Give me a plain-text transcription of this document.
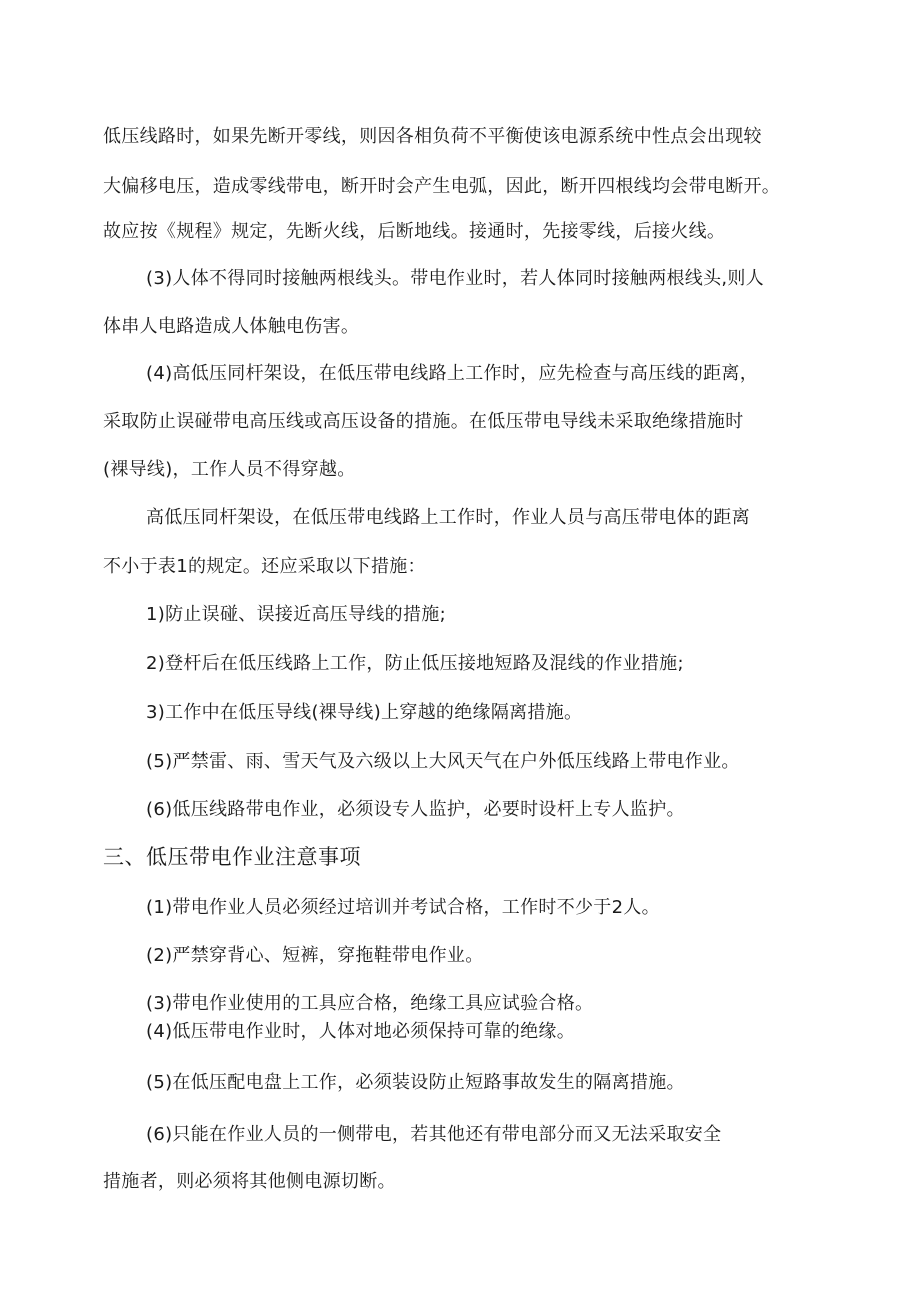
低压线路时，如果先断开零线，则因各相负荷不平衡使该电源系统中性点会出现较
大偏移电压，造成零线带电，断开时会产生电弧，因此，断开四根线均会带电断开。
故应按《规程》规定，先断火线，后断地线。接通时，先接零线，后接火线。
(3)人体不得同时接触两根线头。带电作业时，若人体同时接触两根线头,则人
体串人电路造成人体触电伤害。
(4)高低压同杆架设，在低压带电线路上工作时，应先检查与高压线的距离，
采取防止误碰带电高压线或高压设备的措施。在低压带电导线未采取绝缘措施时
(裸导线)，工作人员不得穿越。
高低压同杆架设，在低压带电线路上工作时，作业人员与高压带电体的距离
不小于表1的规定。还应采取以下措施：
1)防止误碰、误接近高压导线的措施;
2)登杆后在低压线路上工作，防止低压接地短路及混线的作业措施;
3)工作中在低压导线(裸导线)上穿越的绝缘隔离措施。
(5)严禁雷、雨、雪天气及六级以上大风天气在户外低压线路上带电作业。
(6)低压线路带电作业，必须设专人监护，必要时设杆上专人监护。
三、低压带电作业注意事项
(1)带电作业人员必须经过培训并考试合格，工作时不少于2人。
(2)严禁穿背心、短裤，穿拖鞋带电作业。
(3)带电作业使用的工具应合格，绝缘工具应试验合格。
(4)低压带电作业时，人体对地必须保持可靠的绝缘。
(5)在低压配电盘上工作，必须装设防止短路事故发生的隔离措施。
(6)只能在作业人员的一侧带电，若其他还有带电部分而又无法采取安全
措施者，则必须将其他侧电源切断。
